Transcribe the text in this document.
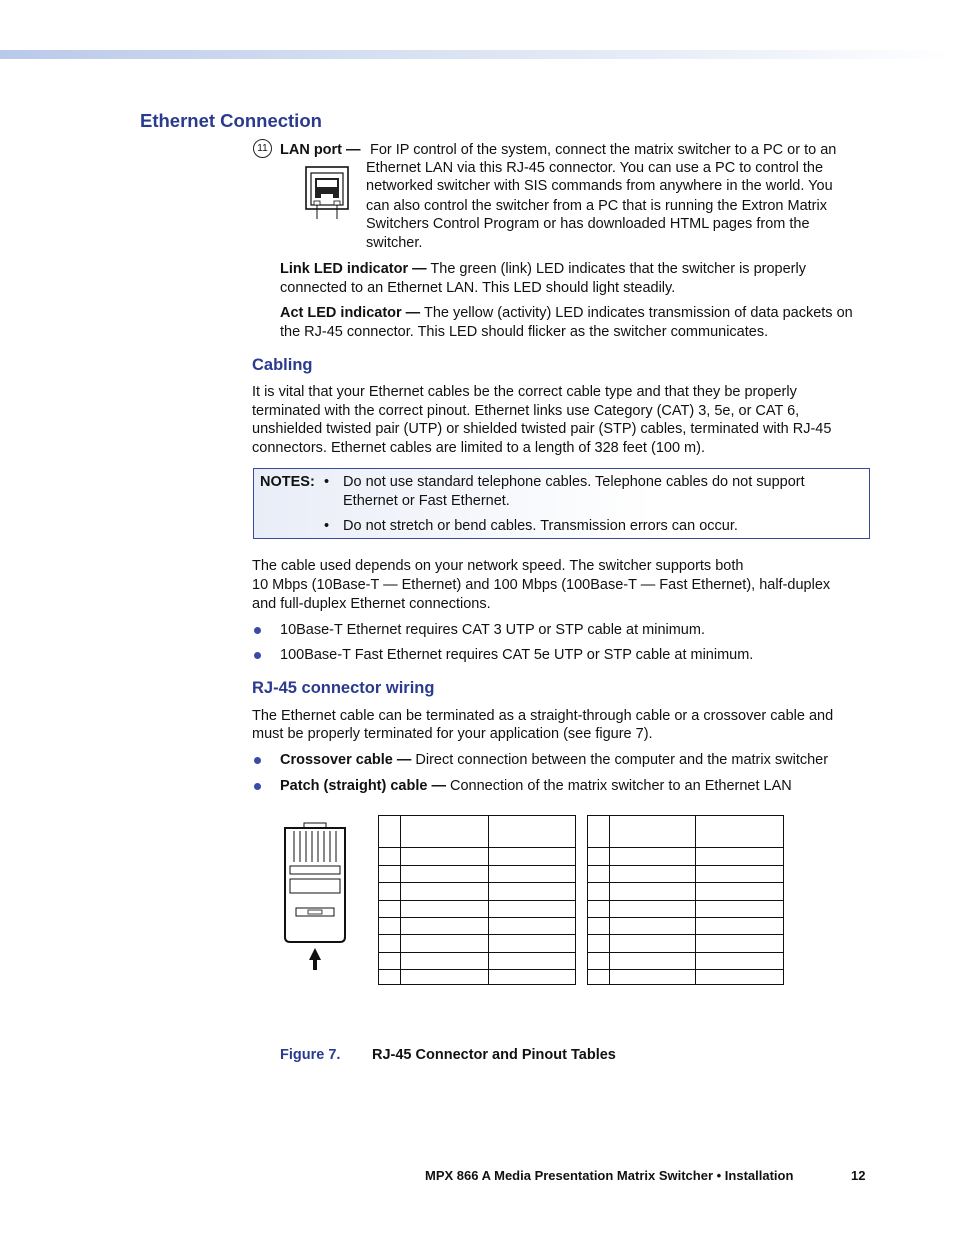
Ethernet Connection
11 LAN port — For IP control of the system, connect the matrix switcher to a PC or to an
Ethernet LAN via this RJ-45 connector. You can use a PC to control the
networked switcher with SIS commands from anywhere in the world. You
can also control the switcher from a PC that is running the Extron Matrix
Switchers Control Program or has downloaded HTML pages from the
switcher.
Link LED indicator — The green (link) LED indicates that the switcher is properly
connected to an Ethernet LAN. This LED should light steadily.
Act LED indicator — The yellow (activity) LED indicates transmission of data packets on
the RJ-45 connector. This LED should flicker as the switcher communicates.
Cabling
It is vital that your Ethernet cables be the correct cable type and that they be properly
terminated with the correct pinout. Ethernet links use Category (CAT) 3, 5e, or CAT 6,
unshielded twisted pair (UTP) or shielded twisted pair (STP) cables, terminated with RJ-45
connectors. Ethernet cables are limited to a length of 328 feet (100 m).
NOTES: • Do not use standard telephone cables. Telephone cables do not support
Ethernet or Fast Ethernet.
• Do not stretch or bend cables. Transmission errors can occur.
The cable used depends on your network speed. The switcher supports both
10 Mbps (10Base-T — Ethernet) and 100 Mbps (100Base-T — Fast Ethernet), half-duplex
and full-duplex Ethernet connections.
10Base-T Ethernet requires CAT 3 UTP or STP cable at minimum.
100Base-T Fast Ethernet requires CAT 5e UTP or STP cable at minimum.
RJ-45 connector wiring
The Ethernet cable can be terminated as a straight-through cable or a crossover cable and
must be properly terminated for your application (see figure 7).
Crossover cable — Direct connection between the computer and the matrix switcher
Patch (straight) cable — Connection of the matrix switcher to an Ethernet LAN
Figure 7. RJ-45 Connector and Pinout Tables
MPX 866 A Media Presentation Matrix Switcher • Installation	12
